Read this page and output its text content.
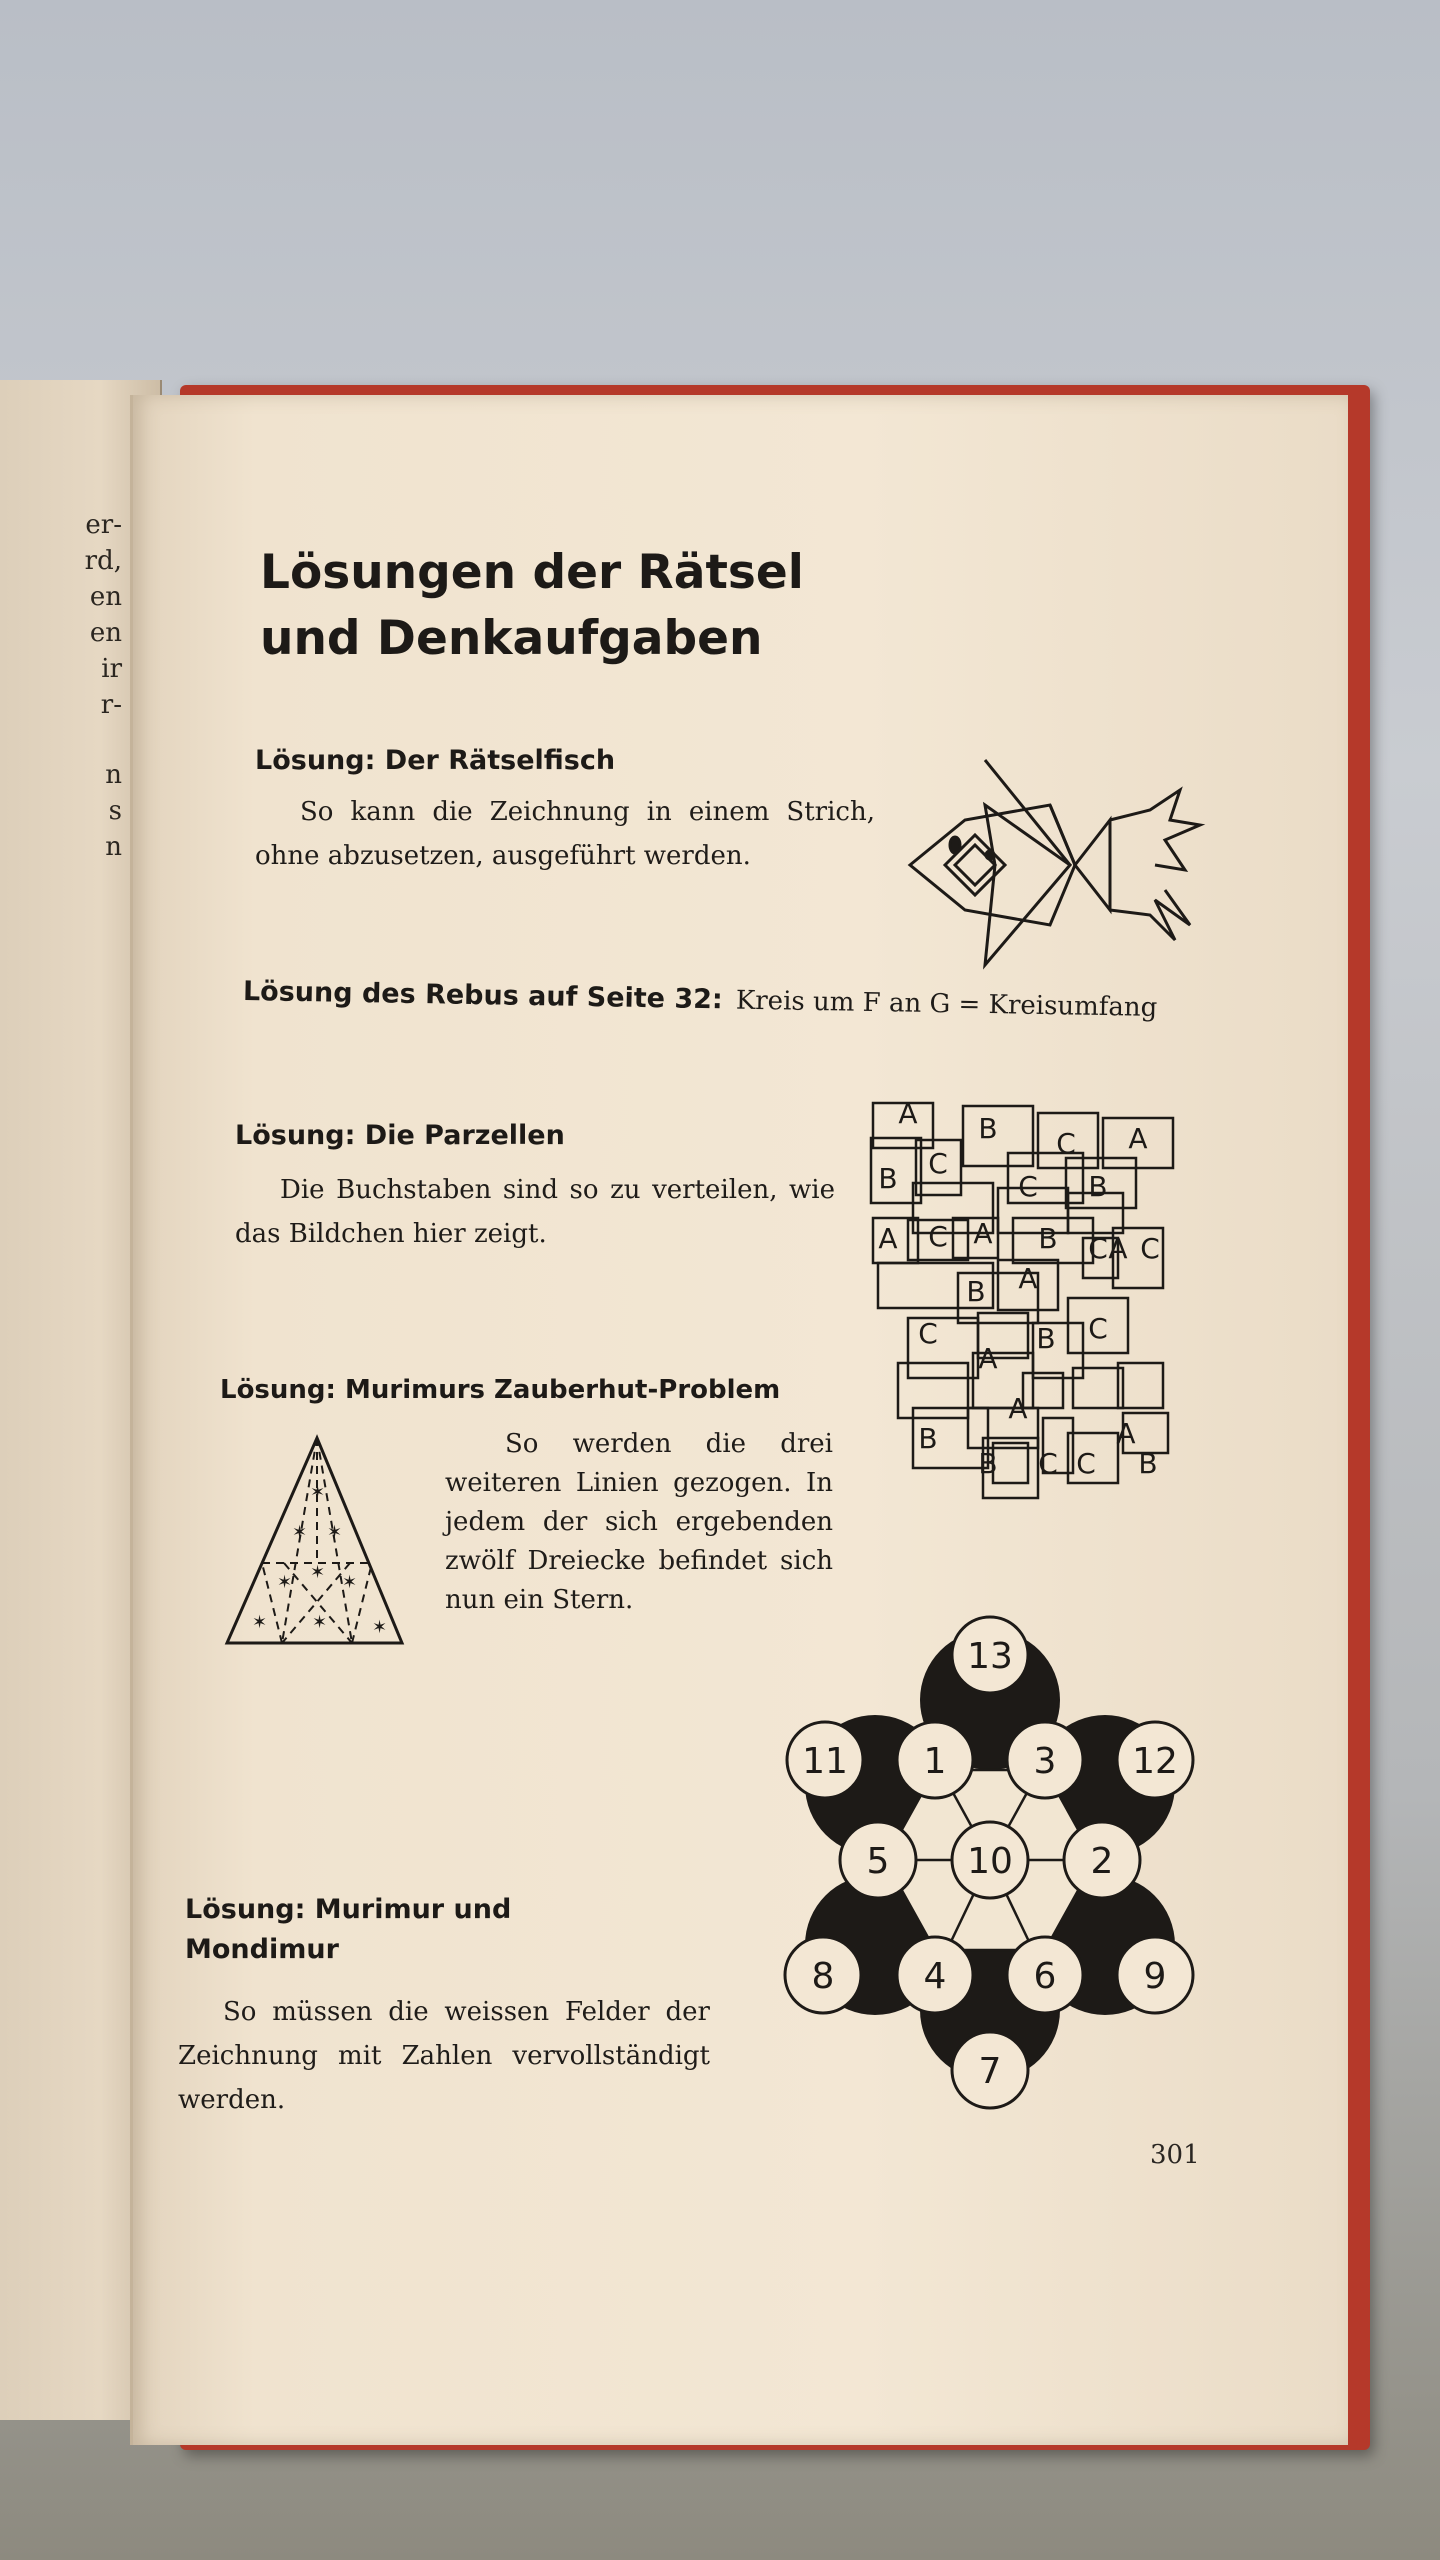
er-
rd,
en
en
ir
r-
n
s
n
Lösungen der Rätsel
und Denkaufgaben
Lösung: Der Rätselfisch
So kann die Zeichnung in einem Strich, ohne abzusetzen, ausgeführt werden.
Lösung des Rebus auf Seite 32: Kreis um F an G = Kreisumfang
Lösung: Die Parzellen
Die Buchstaben sind so zu verteilen, wie das Bildchen hier zeigt.
A B C A
B C
C B
A C A B C A C
B A
C	B C
A
B
A
B C
A
C B
Lösung: Murimurs Zauberhut-Problem
✶
✶ ✶
✶	✶
✶
✶	✶
✶
So werden die drei weiteren Linien gezogen. In jedem der sich ergebenden zwölf Dreiecke befindet sich nun ein Stern.
Lösung: Murimur und
Mondimur
So müssen die weissen Felder der Zeichnung mit Zahlen vervollständigt werden.
13
11 1 3 12
5 10 2
8 4 6 9
7
301
